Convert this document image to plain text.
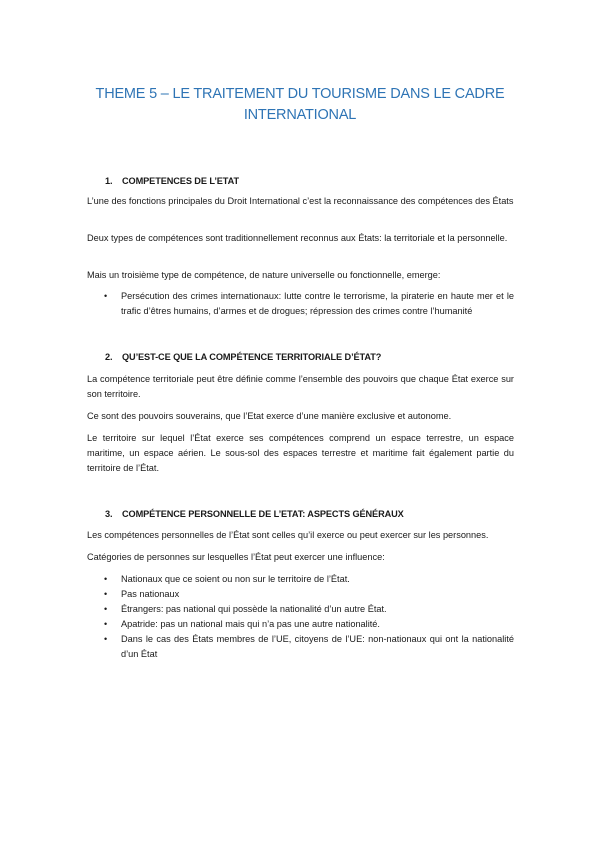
THEME 5 – LE TRAITEMENT DU TOURISME DANS LE CADRE
INTERNATIONAL
1. COMPETENCES DE L’ETAT
L’une des fonctions principales du Droit International c’est la reconnaissance des compétences des États
Deux types de compétences sont traditionnellement reconnus aux États: la territoriale et la personnelle.
Mais un troisième type de compétence, de nature universelle ou fonctionnelle, emerge:
• Persécution des crimes internationaux: lutte contre le terrorisme, la piraterie en haute mer et le trafic d’êtres humains, d’armes et de drogues; répression des crimes contre l’humanité
2. QU’EST-CE QUE LA COMPÉTENCE TERRITORIALE D’ÉTAT?
La compétence territoriale peut être définie comme l’ensemble des pouvoirs que chaque État exerce sur son territoire.
Ce sont des pouvoirs souverains, que l’Etat exerce d’une manière exclusive et autonome.
Le territoire sur lequel l’État exerce ses compétences comprend un espace terrestre, un espace maritime, un espace aérien. Le sous-sol des espaces terrestre et maritime fait également partie du territoire de l’État.
3. COMPÉTENCE PERSONNELLE DE L’ETAT: ASPECTS GÉNÉRAUX
Les compétences personnelles de l’État sont celles qu’il exerce ou peut exercer sur les personnes.
Catégories de personnes sur lesquelles l’État peut exercer une influence:
• Nationaux que ce soient ou non sur le territoire de l’État.
• Pas nationaux
• Étrangers: pas national qui possède la nationalité d’un autre État.
• Apatride: pas un national mais qui n’a pas une autre nationalité.
• Dans le cas des États membres de l’UE, citoyens de l’UE: non-nationaux qui ont la nationalité d’un État
